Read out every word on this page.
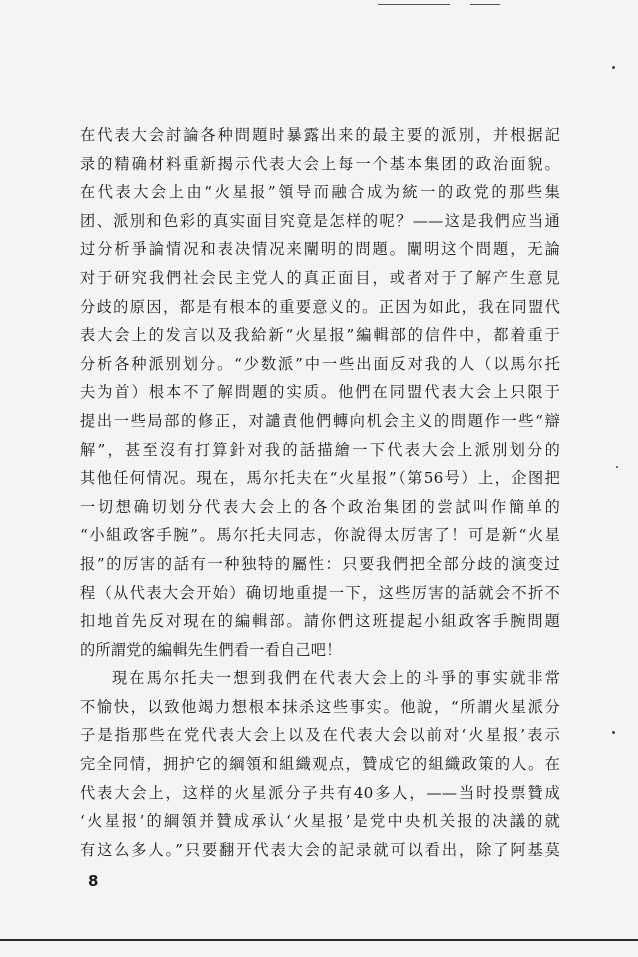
在代表大会討論各种問題时暴露出来的最主要的派別，并根据記
录的精确材料重新揭示代表大会上每一个基本集团的政治面貌。
在代表大会上由“火星报”領导而融合成为統一的政党的那些集
团、派別和色彩的真实面目究竟是怎样的呢？——这是我們应当通
过分析爭論情况和表决情况来闡明的問題。闡明这个問題，无論
对于研究我們社会民主党人的真正面目，或者对于了解产生意見
分歧的原因，都是有根本的重要意义的。正因为如此，我在同盟代
表大会上的发言以及我給新“火星报”編輯部的信件中，都着重于
分析各种派别划分。“少数派”中一些出面反对我的人（以馬尔托
夫为首）根本不了解問題的实质。他們在同盟代表大会上只限于
提出一些局部的修正，对譴責他們轉向机会主义的問題作一些“辯
解”，甚至沒有打算針对我的話描繪一下代表大会上派別划分的
其他任何情况。現在，馬尔托夫在“火星报”（第56号）上，企图把
一切想确切划分代表大会上的各个政治集团的尝試叫作簡单的
“小組政客手腕”。馬尔托夫同志，你說得太厉害了！可是新“火星
报”的厉害的話有一种独特的屬性：只要我們把全部分歧的演变过
程（从代表大会开始）确切地重提一下，这些厉害的話就会不折不
扣地首先反对現在的編輯部。請你們这班提起小組政客手腕問題
的所謂党的編輯先生們看一看自己吧！
現在馬尔托夫一想到我們在代表大会上的斗爭的事实就非常
不愉快，以致他竭力想根本抹杀这些事实。他說，“所謂火星派分
子是指那些在党代表大会上以及在代表大会以前对‘火星报’表示
完全同情，拥护它的綱領和組織观点，贊成它的組織政策的人。在
代表大会上，这样的火星派分子共有40多人，——当时投票贊成
‘火星报’的綱領并贊成承认‘火星报’是党中央机关报的决議的就
有这么多人。”只要翻开代表大会的記录就可以看出，除了阿基莫
8
